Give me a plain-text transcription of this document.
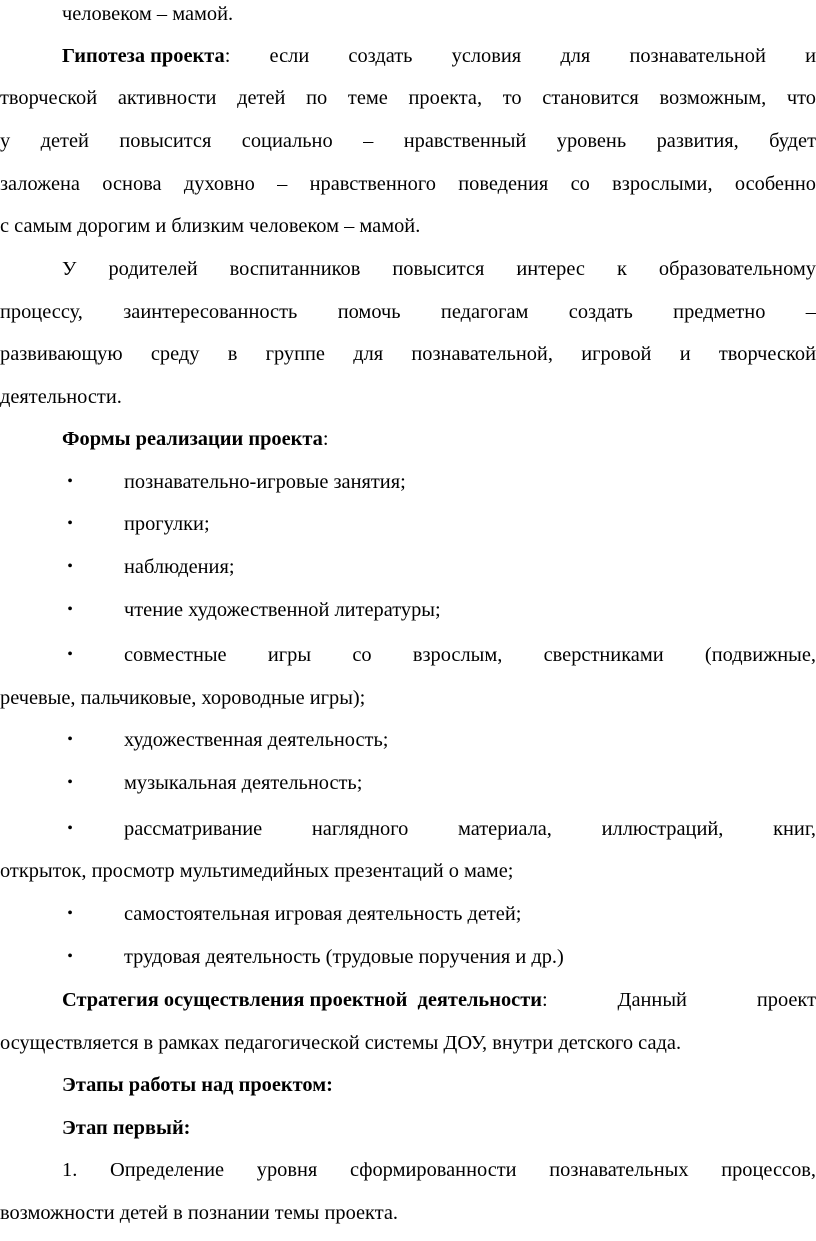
человеком – мамой.
Гипотеза проекта : если создать условия для познавательной и
творческой активности детей по теме проекта, то становится возможным, что
у детей повысится социально – нравственный уровень развития, будет
заложена основа духовно – нравственного поведения со взрослыми, особенно
с самым дорогим и близким человеком – мамой.
У родителей воспитанников повысится интерес к образовательному
процессу, заинтересованность помочь педагогам создать предметно –
развивающую среду в группе для познавательной, игровой и творческой
деятельности.
Формы реализации проекта:
•	познавательно-игровые занятия;
•	прогулки;
•	наблюдения;
•	чтение художественной литературы;
•	совместные игры со взрослым, сверстниками (подвижные,
речевые, пальчиковые, хороводные игры);
•	художественная деятельность;
•	музыкальная деятельность;
•	рассматривание наглядного материала, иллюстраций, книг,
открыток, просмотр мультимедийных презентаций о маме;
•	самостоятельная игровая деятельность детей;
•	трудовая деятельность (трудовые поручения и др.)
Стратегия осуществления проектной  деятельности : Данный проект
осуществляется в рамках педагогической системы ДОУ, внутри детского сада.
Этапы работы над проектом:
Этап первый:
1. Определение уровня сформированности познавательных процессов,
возможности детей в познании темы проекта.
